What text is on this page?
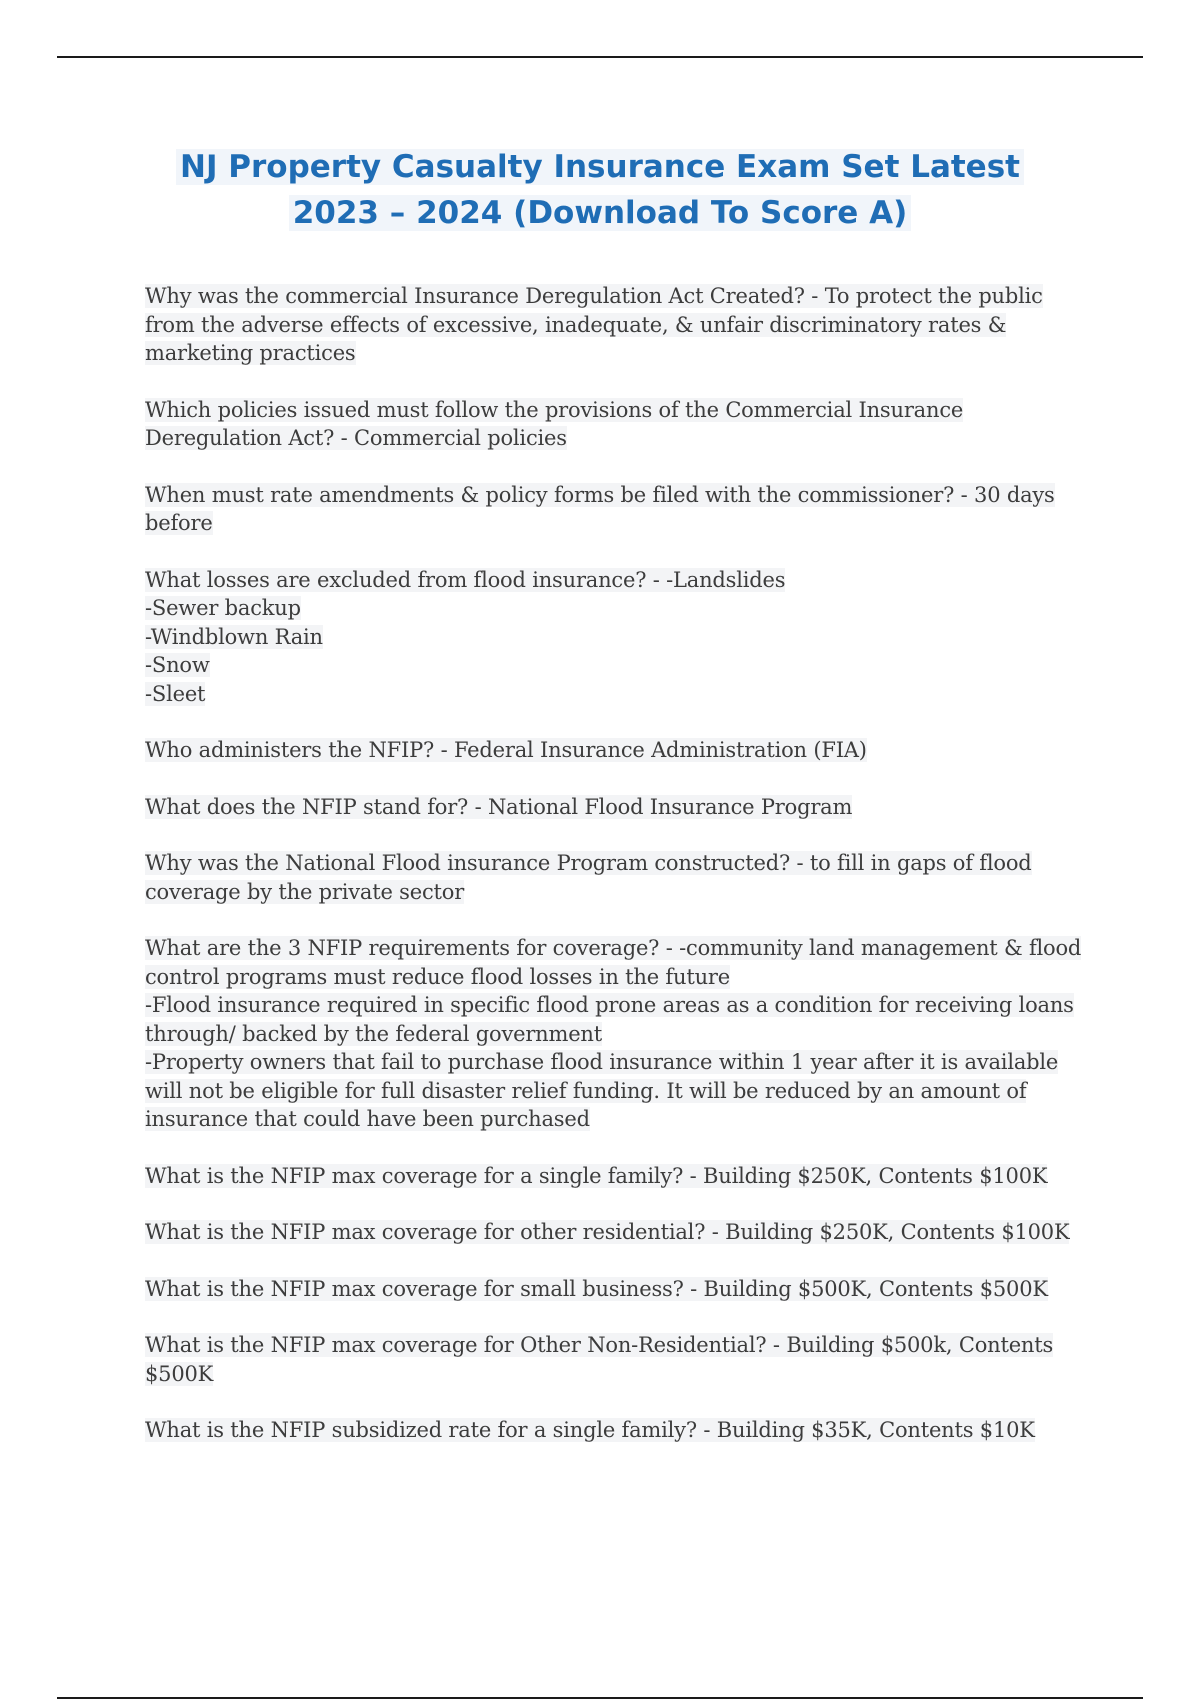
NJ Property Casualty Insurance Exam Set Latest
2023 – 2024 (Download To Score A)
Why was the commercial Insurance Deregulation Act Created? - To protect the public from the adverse effects of excessive, inadequate, & unfair discriminatory rates & marketing practices
Which policies issued must follow the provisions of the Commercial Insurance Deregulation Act? - Commercial policies
When must rate amendments & policy forms be filed with the commissioner? - 30 days before
What losses are excluded from flood insurance? - -Landslides
-Sewer backup
-Windblown Rain
-Snow
-Sleet
Who administers the NFIP? - Federal Insurance Administration (FIA)
What does the NFIP stand for? - National Flood Insurance Program
Why was the National Flood insurance Program constructed? - to fill in gaps of flood coverage by the private sector
What are the 3 NFIP requirements for coverage? - -community land management & flood control programs must reduce flood losses in the future
-Flood insurance required in specific flood prone areas as a condition for receiving loans through/ backed by the federal government
-Property owners that fail to purchase flood insurance within 1 year after it is available will not be eligible for full disaster relief funding. It will be reduced by an amount of insurance that could have been purchased
What is the NFIP max coverage for a single family? - Building $250K, Contents $100K
What is the NFIP max coverage for other residential? - Building $250K, Contents $100K
What is the NFIP max coverage for small business? - Building $500K, Contents $500K
What is the NFIP max coverage for Other Non-Residential? - Building $500k, Contents $500K
What is the NFIP subsidized rate for a single family? - Building $35K, Contents $10K
